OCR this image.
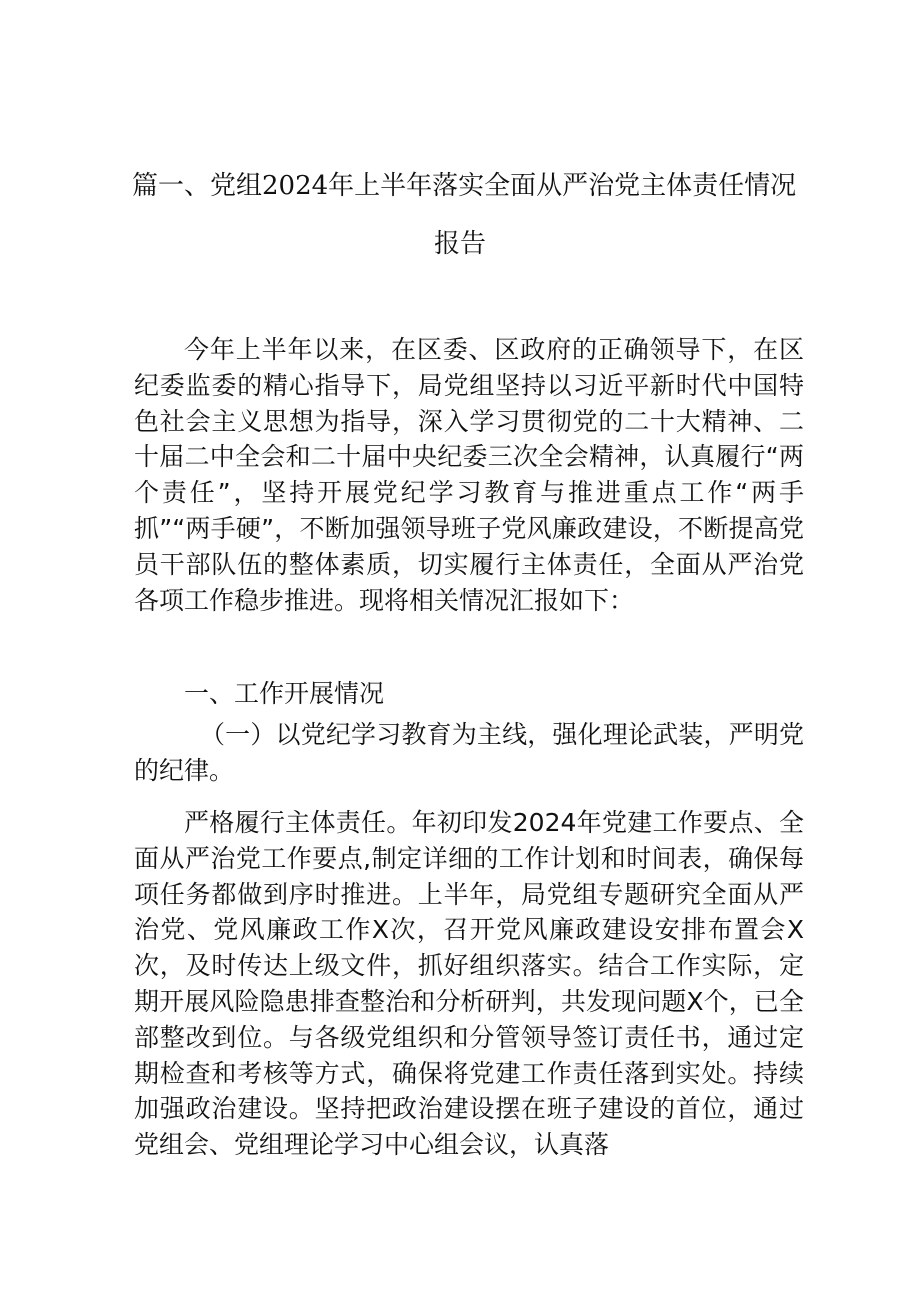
篇一、党组2024年上半年落实全面从严治党主体责任情况
报告

今年上半年以来，在区委、区政府的正确领导下，在区纪委监委的精心指导下，局党组坚持以习近平新时代中国特色社会主义思想为指导，深入学习贯彻党的二十大精神、二十届二中全会和二十届中央纪委三次全会精神，认真履行“两个责任”，坚持开展党纪学习教育与推进重点工作“两手抓”“两手硬”，不断加强领导班子党风廉政建设，不断提高党员干部队伍的整体素质，切实履行主体责任，全面从严治党各项工作稳步推进。现将相关情况汇报如下：

一、工作开展情况

（一）以党纪学习教育为主线，强化理论武装，严明党的纪律。

严格履行主体责任。年初印发2024年党建工作要点、全面从严治党工作要点,制定详细的工作计划和时间表，确保每项任务都做到序时推进。上半年，局党组专题研究全面从严治党、党风廉政工作X次，召开党风廉政建设安排布置会X次，及时传达上级文件，抓好组织落实。结合工作实际，定期开展风险隐患排查整治和分析研判，共发现问题X个，已全部整改到位。与各级党组织和分管领导签订责任书，通过定期检查和考核等方式，确保将党建工作责任落到实处。持续加强政治建设。坚持把政治建设摆在班子建设的首位，通过党组会、党组理论学习中心组会议，认真落
